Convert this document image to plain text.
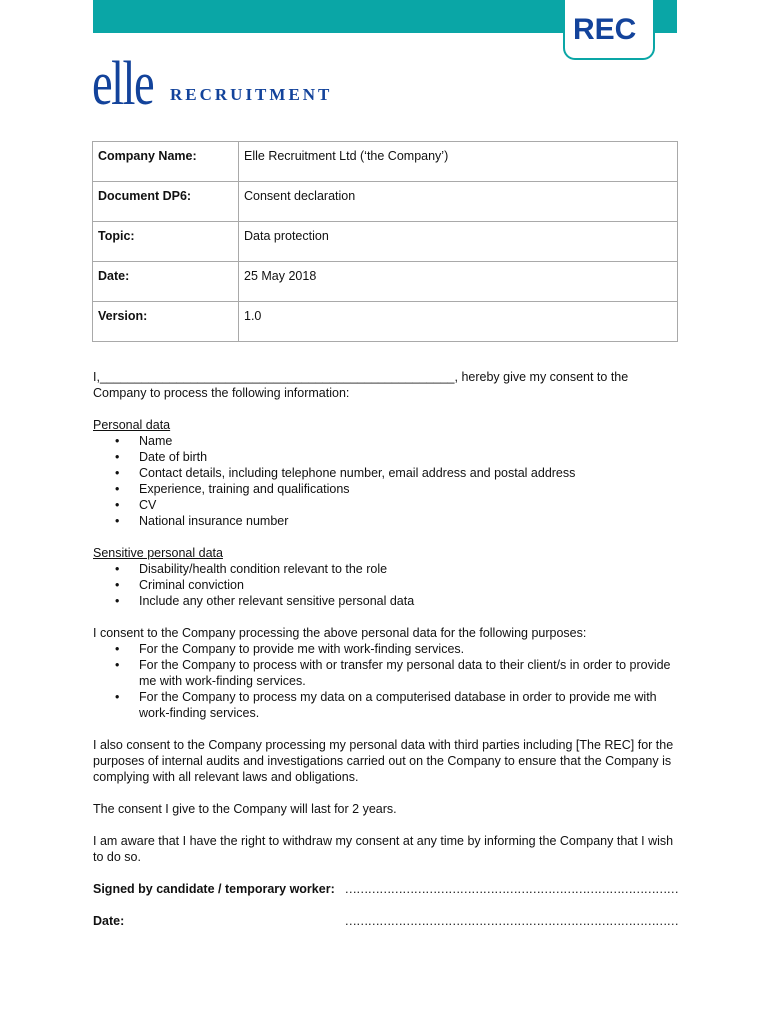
REC
elle RECRUITMENT
Company Name:	Elle Recruitment Ltd (‘the Company’)
Document DP6:	Consent declaration
Topic:	Data protection
Date:	25 May 2018
Version:	1.0

I,___________________________________________________, hereby give my consent to the Company to process the following information:

Personal data

• Name
• Date of birth
• Contact details, including telephone number, email address and postal address
• Experience, training and qualifications
• CV
• National insurance number

Sensitive personal data

• Disability/health condition relevant to the role
• Criminal conviction
• Include any other relevant sensitive personal data

I consent to the Company processing the above personal data for the following purposes:

• For the Company to provide me with work-finding services.
• For the Company to process with or transfer my personal data to their client/s in order to provide me with work-finding services.
• For the Company to process my data on a computerised database in order to provide me with work-finding services.

I also consent to the Company processing my personal data with third parties including [The REC] for the purposes of internal audits and investigations carried out on the Company to ensure that the Company is complying with all relevant laws and obligations.

The consent I give to the Company will last for 2 years.

I am aware that I have the right to withdraw my consent at any time by informing the Company that I wish to do so.

Signed by candidate / temporary worker: ……………………………………………………………………………
Date:	……………………………………………………………………………
